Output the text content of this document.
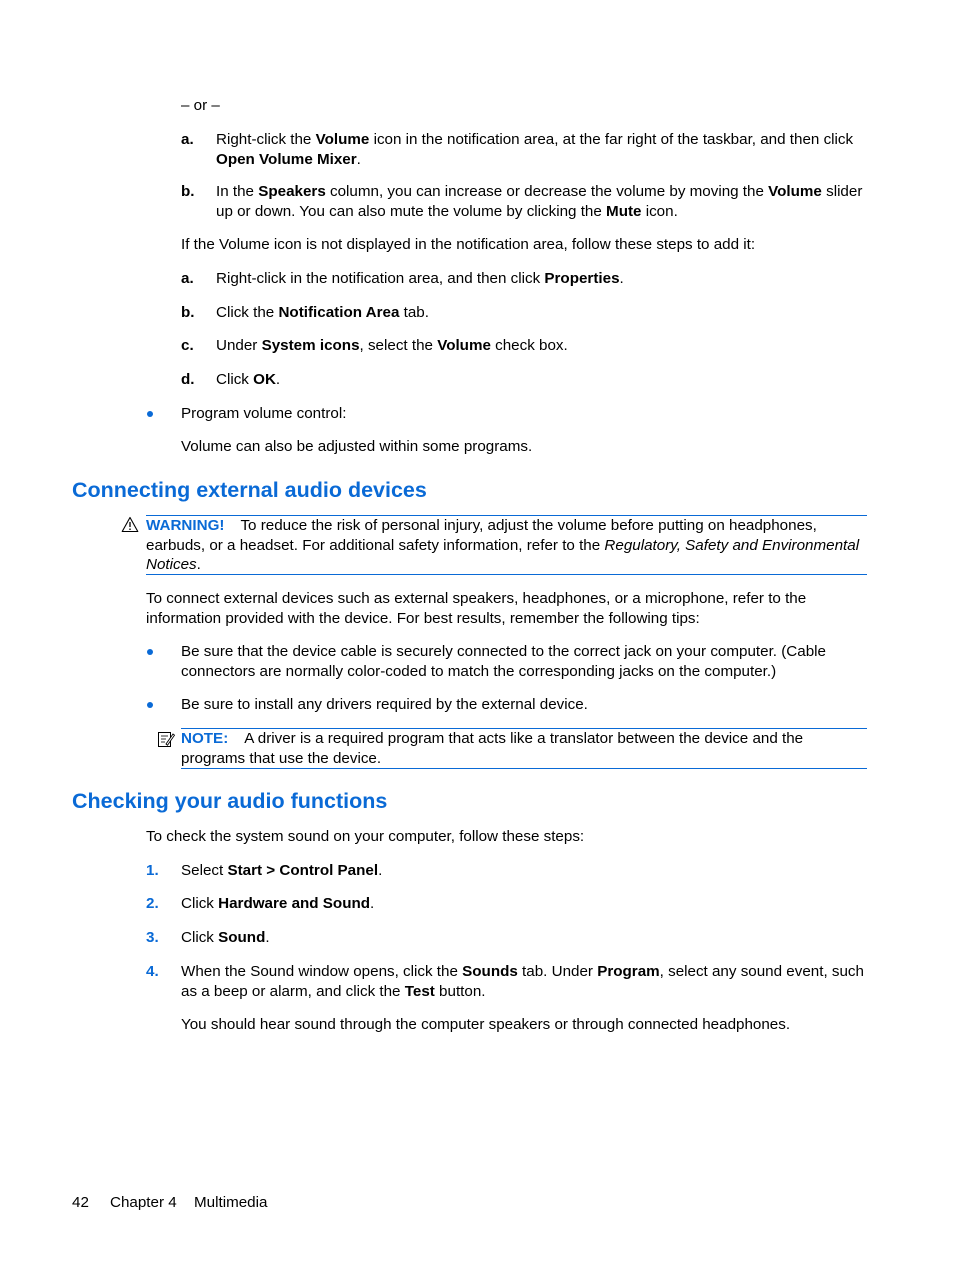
– or –
a. Right-click the Volume icon in the notification area, at the far right of the taskbar, and then click Open Volume Mixer.
b. In the Speakers column, you can increase or decrease the volume by moving the Volume slider up or down. You can also mute the volume by clicking the Mute icon.
If the Volume icon is not displayed in the notification area, follow these steps to add it:
a. Right-click in the notification area, and then click Properties.
b. Click the Notification Area tab.
c. Under System icons, select the Volume check box.
d. Click OK.
Program volume control:
Volume can also be adjusted within some programs.
Connecting external audio devices
WARNING! To reduce the risk of personal injury, adjust the volume before putting on headphones, earbuds, or a headset. For additional safety information, refer to the Regulatory, Safety and Environmental Notices.
To connect external devices such as external speakers, headphones, or a microphone, refer to the information provided with the device. For best results, remember the following tips:
Be sure that the device cable is securely connected to the correct jack on your computer. (Cable connectors are normally color-coded to match the corresponding jacks on the computer.)
Be sure to install any drivers required by the external device.
NOTE: A driver is a required program that acts like a translator between the device and the programs that use the device.
Checking your audio functions
To check the system sound on your computer, follow these steps:
1. Select Start > Control Panel.
2. Click Hardware and Sound.
3. Click Sound.
4. When the Sound window opens, click the Sounds tab. Under Program, select any sound event, such as a beep or alarm, and click the Test button.
You should hear sound through the computer speakers or through connected headphones.
42 Chapter 4 Multimedia
